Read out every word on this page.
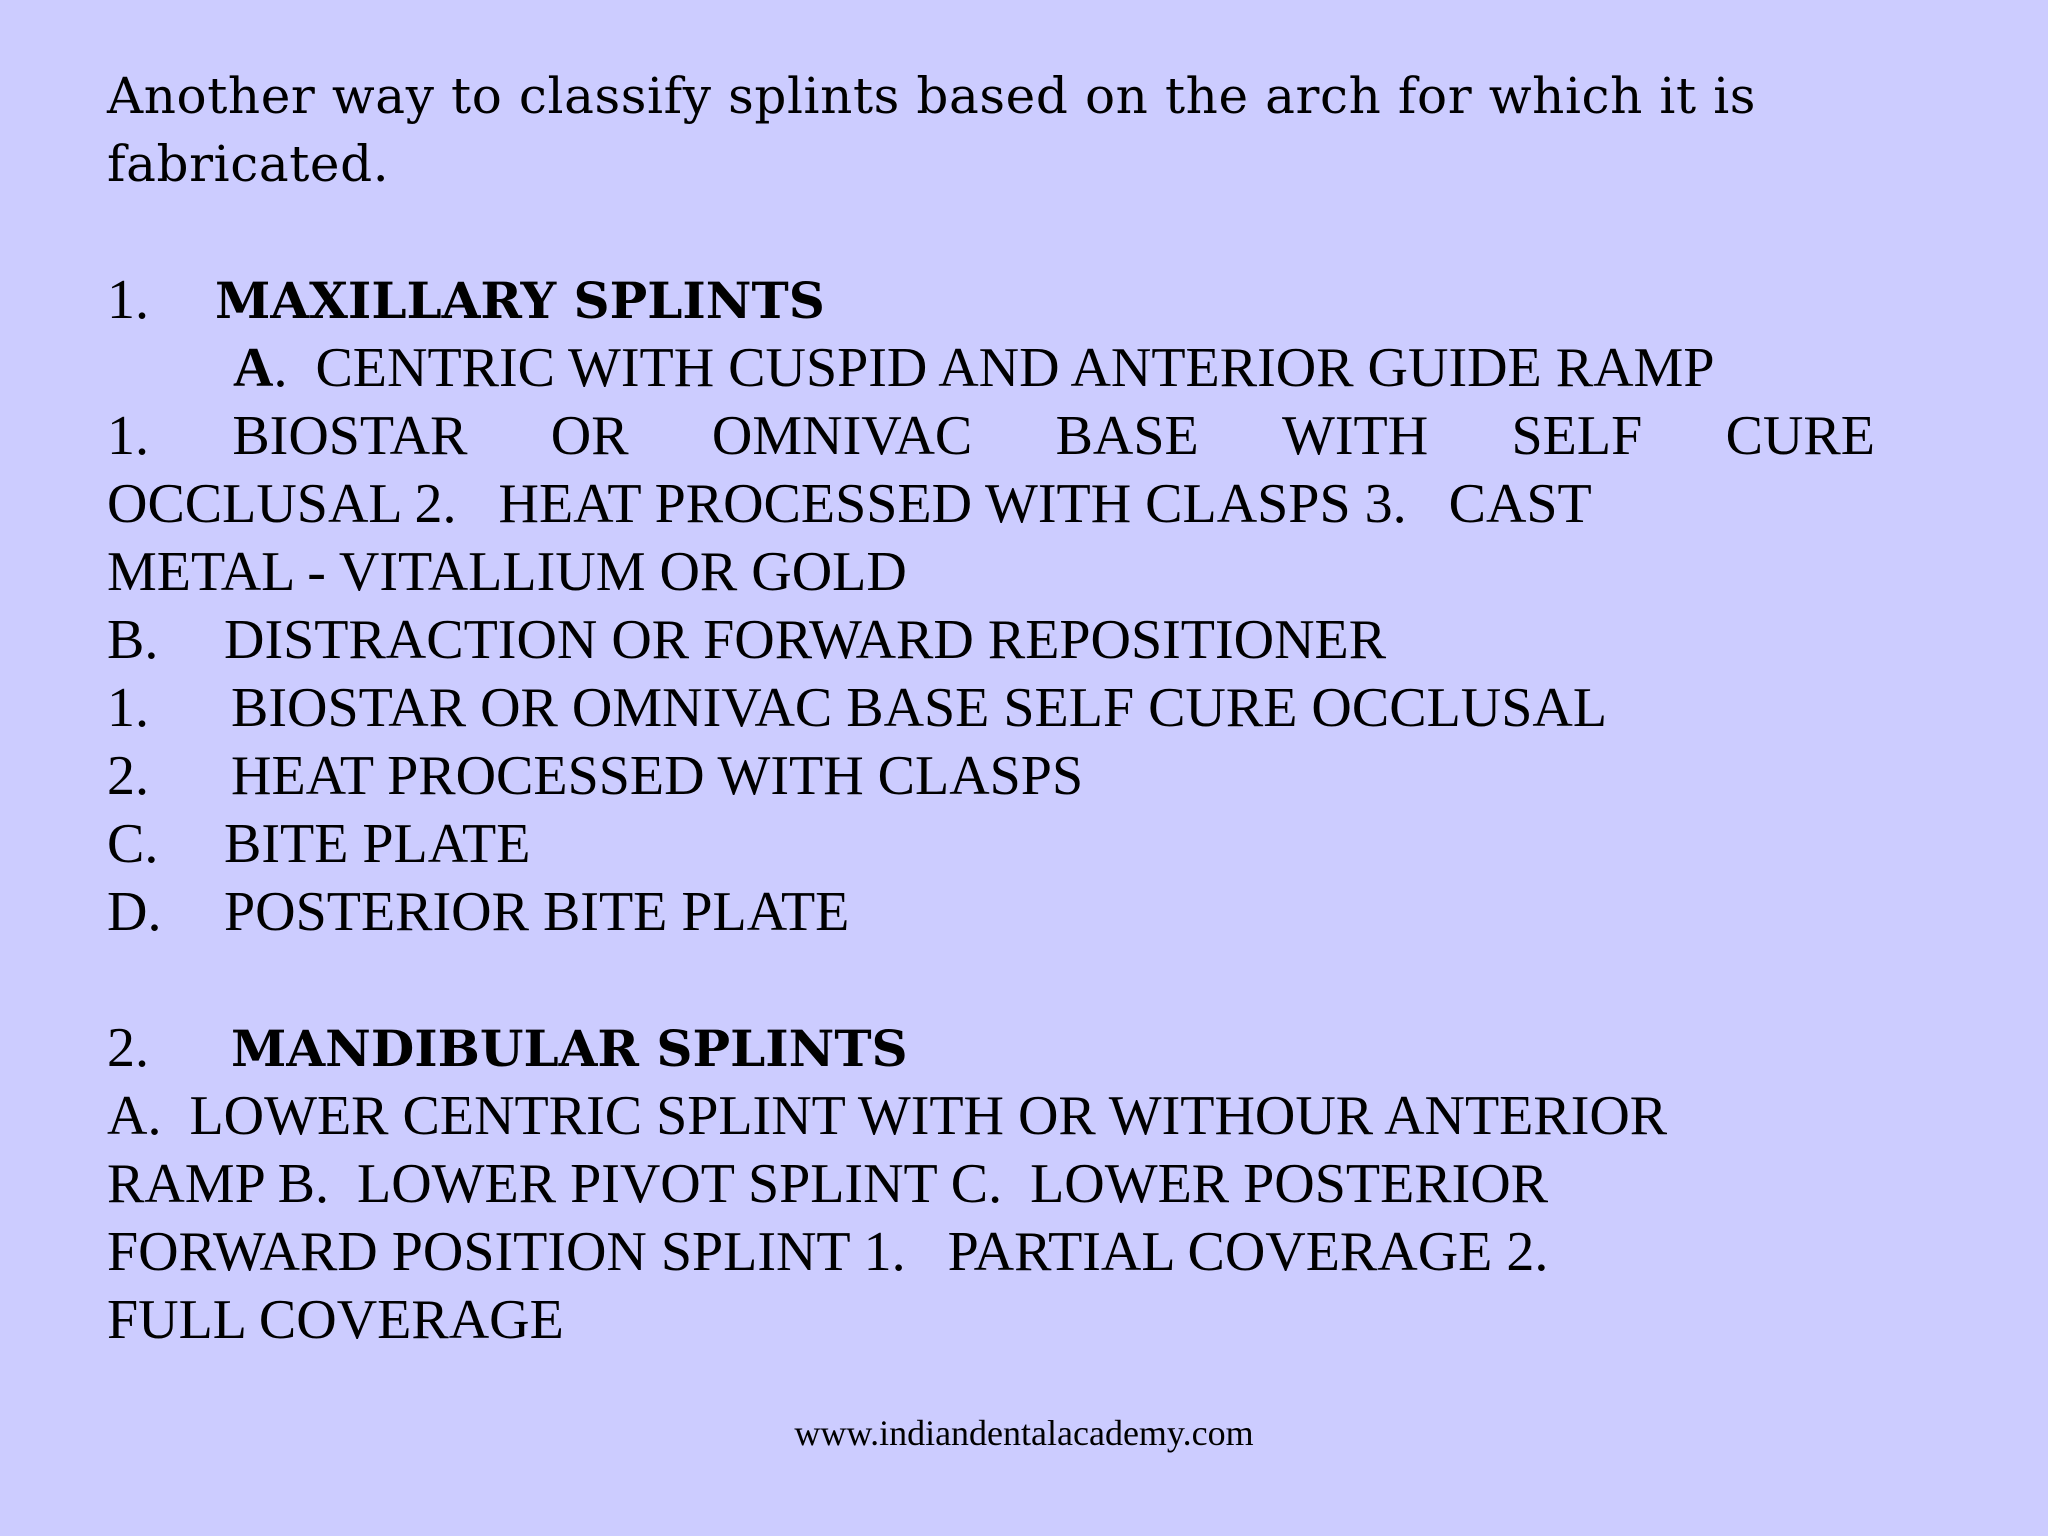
Another way to classify splints based on the arch for which it is
fabricated.

1. MAXILLARY SPLINTS
A.  CENTRIC WITH CUSPID AND ANTERIOR GUIDE RAMP
1. BIOSTAR OR OMNIVAC BASE WITH SELF CURE
OCCLUSAL 2.   HEAT PROCESSED WITH CLASPS 3.   CAST
METAL - VITALLIUM OR GOLD
B. DISTRACTION OR FORWARD REPOSITIONER
1. BIOSTAR OR OMNIVAC BASE SELF CURE OCCLUSAL
2. HEAT PROCESSED WITH CLASPS
C. BITE PLATE
D. POSTERIOR BITE PLATE
2. MANDIBULAR SPLINTS
A.  LOWER CENTRIC SPLINT WITH OR WITHOUR ANTERIOR
RAMP B.  LOWER PIVOT SPLINT C.  LOWER POSTERIOR
FORWARD POSITION SPLINT 1.   PARTIAL COVERAGE 2.
FULL COVERAGE
www.indiandentalacademy.com
